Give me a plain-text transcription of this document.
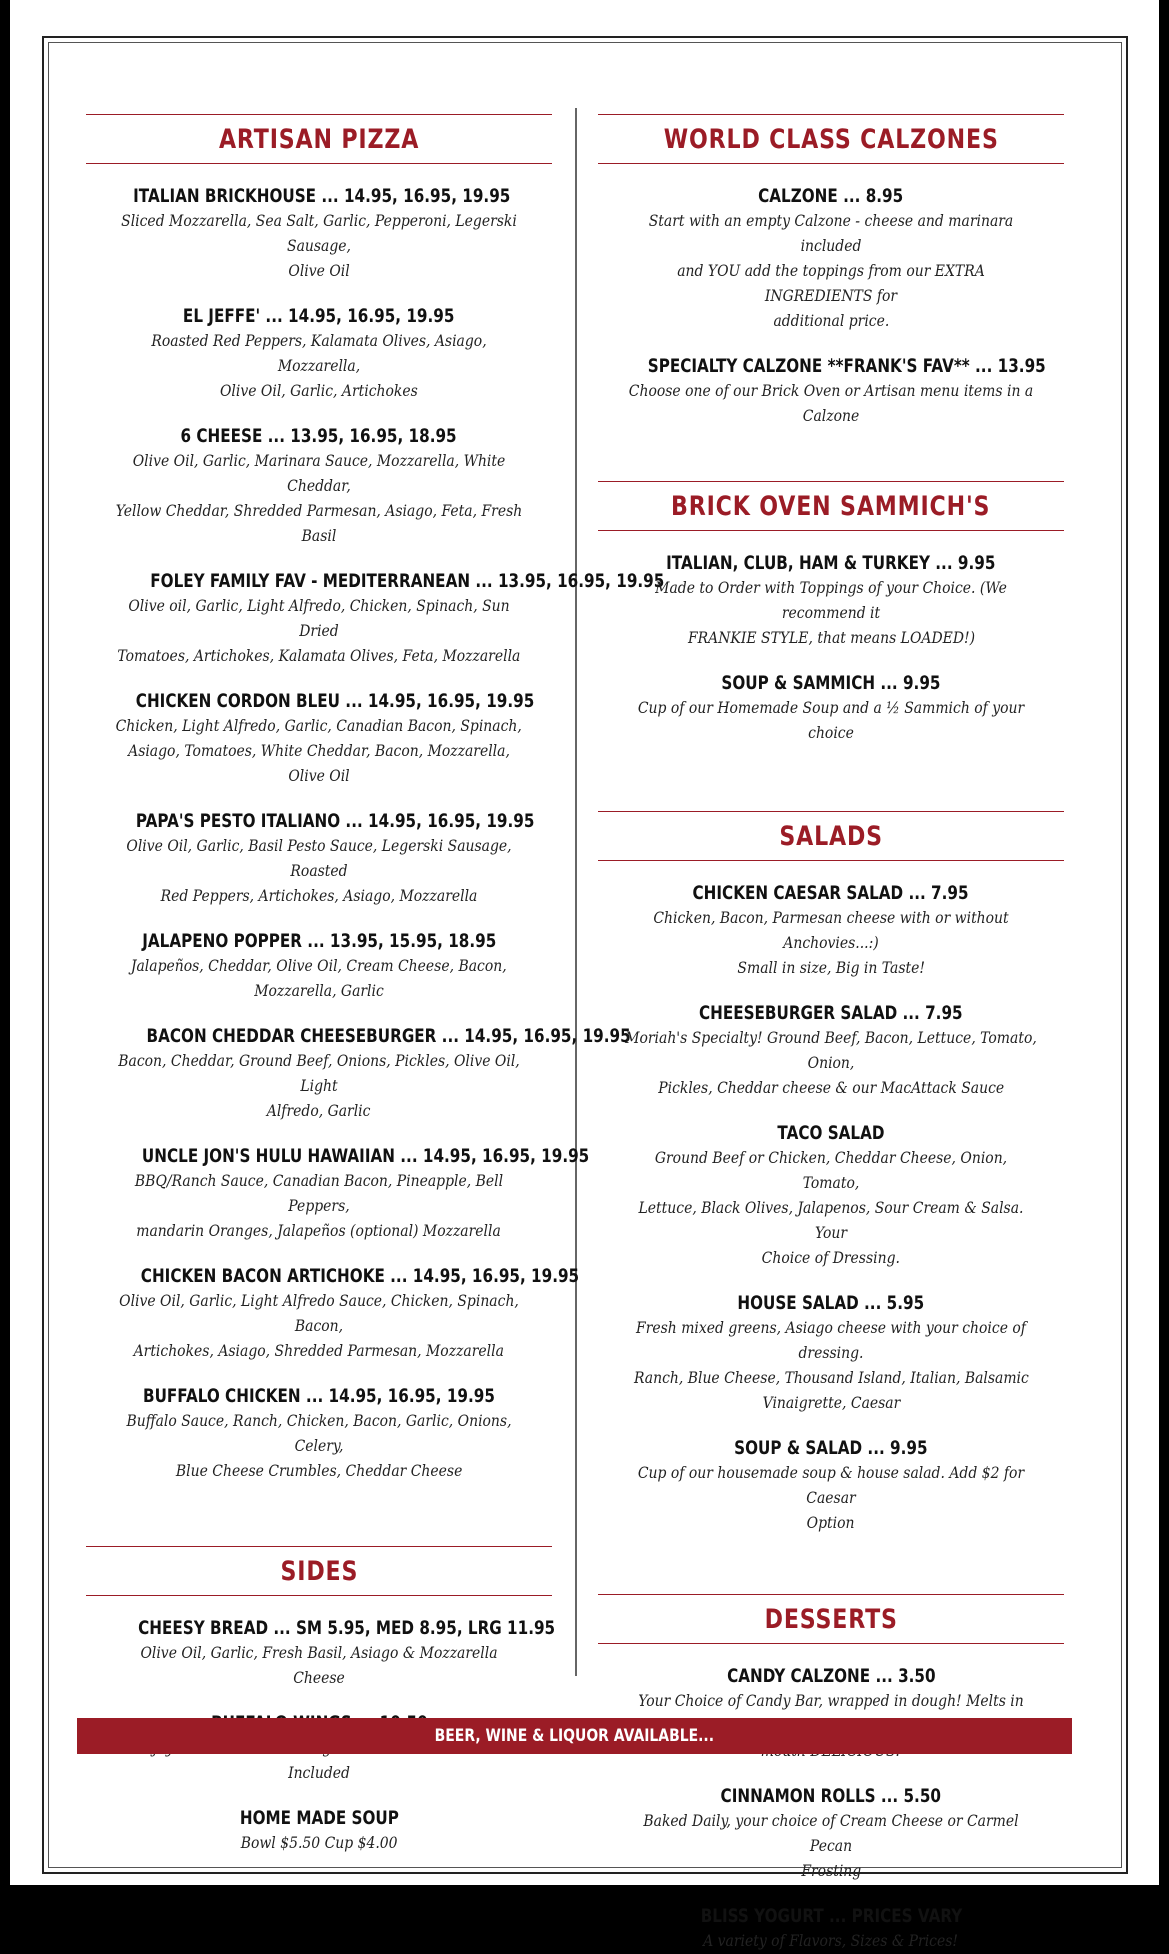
ARTISAN PIZZA
ITALIAN BRICKHOUSE ... 14.95, 16.95, 19.95
Sliced Mozzarella, Sea Salt, Garlic, Pepperoni, Legerski Sausage,
Olive Oil
EL JEFFE' ... 14.95, 16.95, 19.95
Roasted Red Peppers, Kalamata Olives, Asiago, Mozzarella,
Olive Oil, Garlic, Artichokes
6 CHEESE ... 13.95, 16.95, 18.95
Olive Oil, Garlic, Marinara Sauce, Mozzarella, White Cheddar,
Yellow Cheddar, Shredded Parmesan, Asiago, Feta, Fresh Basil
FOLEY FAMILY FAV - MEDITERRANEAN ... 13.95, 16.95, 19.95
Olive oil, Garlic, Light Alfredo, Chicken, Spinach, Sun Dried
Tomatoes, Artichokes, Kalamata Olives, Feta, Mozzarella
CHICKEN CORDON BLEU ... 14.95, 16.95, 19.95
Chicken, Light Alfredo, Garlic, Canadian Bacon, Spinach,
Asiago, Tomatoes, White Cheddar, Bacon, Mozzarella, Olive Oil
PAPA'S PESTO ITALIANO ... 14.95, 16.95, 19.95
Olive Oil, Garlic, Basil Pesto Sauce, Legerski Sausage, Roasted
Red Peppers, Artichokes, Asiago, Mozzarella
JALAPENO POPPER ... 13.95, 15.95, 18.95
Jalapeños, Cheddar, Olive Oil, Cream Cheese, Bacon,
Mozzarella, Garlic
BACON CHEDDAR CHEESEBURGER ... 14.95, 16.95, 19.95
Bacon, Cheddar, Ground Beef, Onions, Pickles, Olive Oil, Light
Alfredo, Garlic
UNCLE JON'S HULU HAWAIIAN ... 14.95, 16.95, 19.95
BBQ/Ranch Sauce, Canadian Bacon, Pineapple, Bell Peppers,
mandarin Oranges, Jalapeños (optional) Mozzarella
CHICKEN BACON ARTICHOKE ... 14.95, 16.95, 19.95
Olive Oil, Garlic, Light Alfredo Sauce, Chicken, Spinach, Bacon,
Artichokes, Asiago, Shredded Parmesan, Mozzarella
BUFFALO CHICKEN ... 14.95, 16.95, 19.95
Buffalo Sauce, Ranch, Chicken, Bacon, Garlic, Onions, Celery,
Blue Cheese Crumbles, Cheddar Cheese
SIDES
CHEESY BREAD ... SM 5.95, MED 8.95, LRG 11.95
Olive Oil, Garlic, Fresh Basil, Asiago & Mozzarella Cheese
Included
HOME MADE SOUP
Bowl $5.50 Cup $4.00
WORLD CLASS CALZONES
CALZONE ... 8.95
Start with an empty Calzone - cheese and marinara included
and YOU add the toppings from our EXTRA INGREDIENTS for
additional price.
SPECIALTY CALZONE **FRANK'S FAV** ... 13.95
Choose one of our Brick Oven or Artisan menu items in a Calzone
BRICK OVEN SAMMICH'S
ITALIAN, CLUB, HAM & TURKEY ... 9.95
Made to Order with Toppings of your Choice. (We recommend it
FRANKIE STYLE, that means LOADED!)
SOUP & SAMMICH ... 9.95
Cup of our Homemade Soup and a ½ Sammich of your choice
SALADS
CHICKEN CAESAR SALAD ... 7.95
Chicken, Bacon, Parmesan cheese with or without Anchovies...:)
Small in size, Big in Taste!
CHEESEBURGER SALAD ... 7.95
Moriah's Specialty! Ground Beef, Bacon, Lettuce, Tomato, Onion,
Pickles, Cheddar cheese & our MacAttack Sauce
TACO SALAD
Ground Beef or Chicken, Cheddar Cheese, Onion, Tomato,
Lettuce, Black Olives, Jalapenos, Sour Cream & Salsa. Your
Choice of Dressing.
HOUSE SALAD ... 5.95
Fresh mixed greens, Asiago cheese with your choice of dressing.
Ranch, Blue Cheese, Thousand Island, Italian, Balsamic
Vinaigrette, Caesar
SOUP & SALAD ... 9.95
Cup of our housemade soup & house salad. Add $2 for Caesar
Option
DESSERTS
CANDY CALZONE ... 3.50
Your Choice of Candy Bar, wrapped in dough! Melts in
CINNAMON ROLLS ... 5.50
Baked Daily, your choice of Cream Cheese or Carmel Pecan
Frosting
BLISS YOGURT ... PRICES VARY
A variety of Flavors, Sizes & Prices!
BEER, WINE & LIQUOR AVAILABLE...
